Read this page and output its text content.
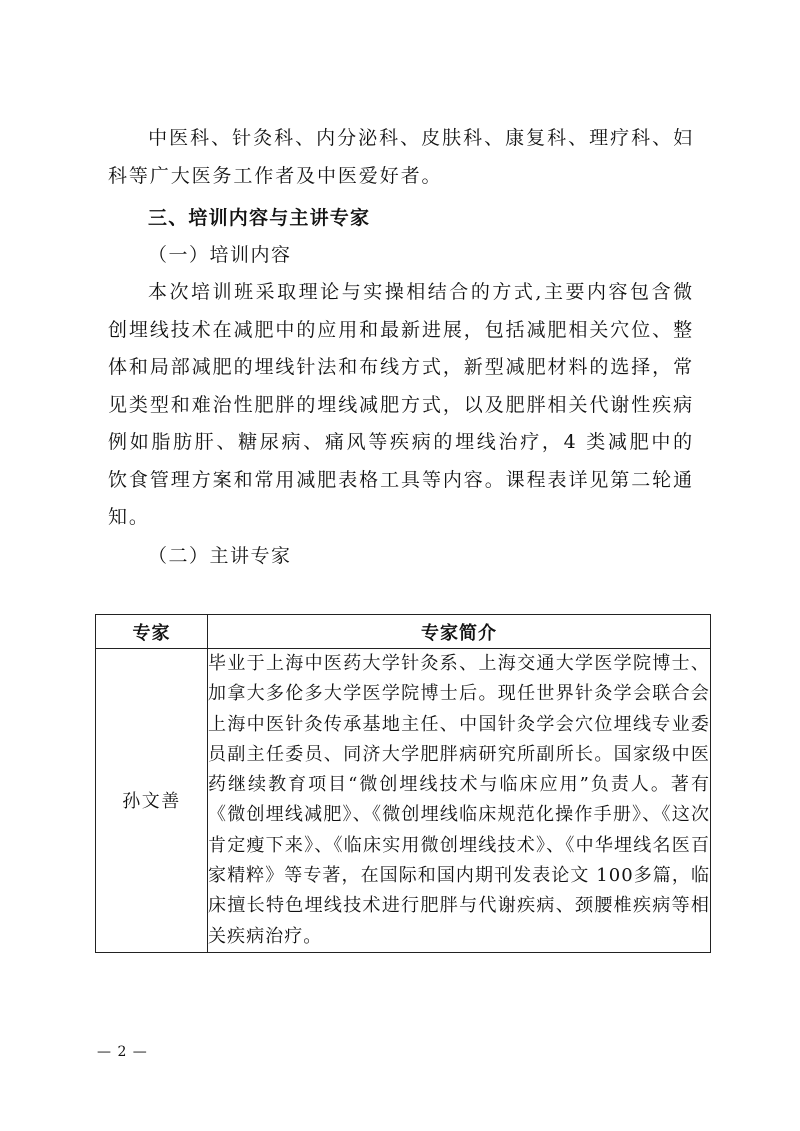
中医科、针灸科、内分泌科、皮肤科、康复科、理疗科、妇科等广大医务工作者及中医爱好者。

三、培训内容与主讲专家

（一）培训内容

本次培训班采取理论与实操相结合的方式,主要内容包含微创埋线技术在减肥中的应用和最新进展，包括减肥相关穴位、整体和局部减肥的埋线针法和布线方式，新型减肥材料的选择，常见类型和难治性肥胖的埋线减肥方式，以及肥胖相关代谢性疾病例如脂肪肝、糖尿病、痛风等疾病的埋线治疗，4 类减肥中的饮食管理方案和常用减肥表格工具等内容。课程表详见第二轮通知。

（二）主讲专家

专家	专家简介
孙文善	毕业于上海中医药大学针灸系、上海交通大学医学院博士、加拿大多伦多大学医学院博士后。现任世界针灸学会联合会上海中医针灸传承基地主任、中国针灸学会穴位埋线专业委员副主任委员、同济大学肥胖病研究所副所长。国家级中医药继续教育项目“微创埋线技术与临床应用”负责人。著有《微创埋线减肥》、《微创埋线临床规范化操作手册》、《这次肯定瘦下来》、《临床实用微创埋线技术》、《中华埋线名医百家精粹》等专著，在国际和国内期刊发表论文 100多篇，临床擅长特色埋线技术进行肥胖与代谢疾病、颈腰椎疾病等相关疾病治疗。
— 2 —
